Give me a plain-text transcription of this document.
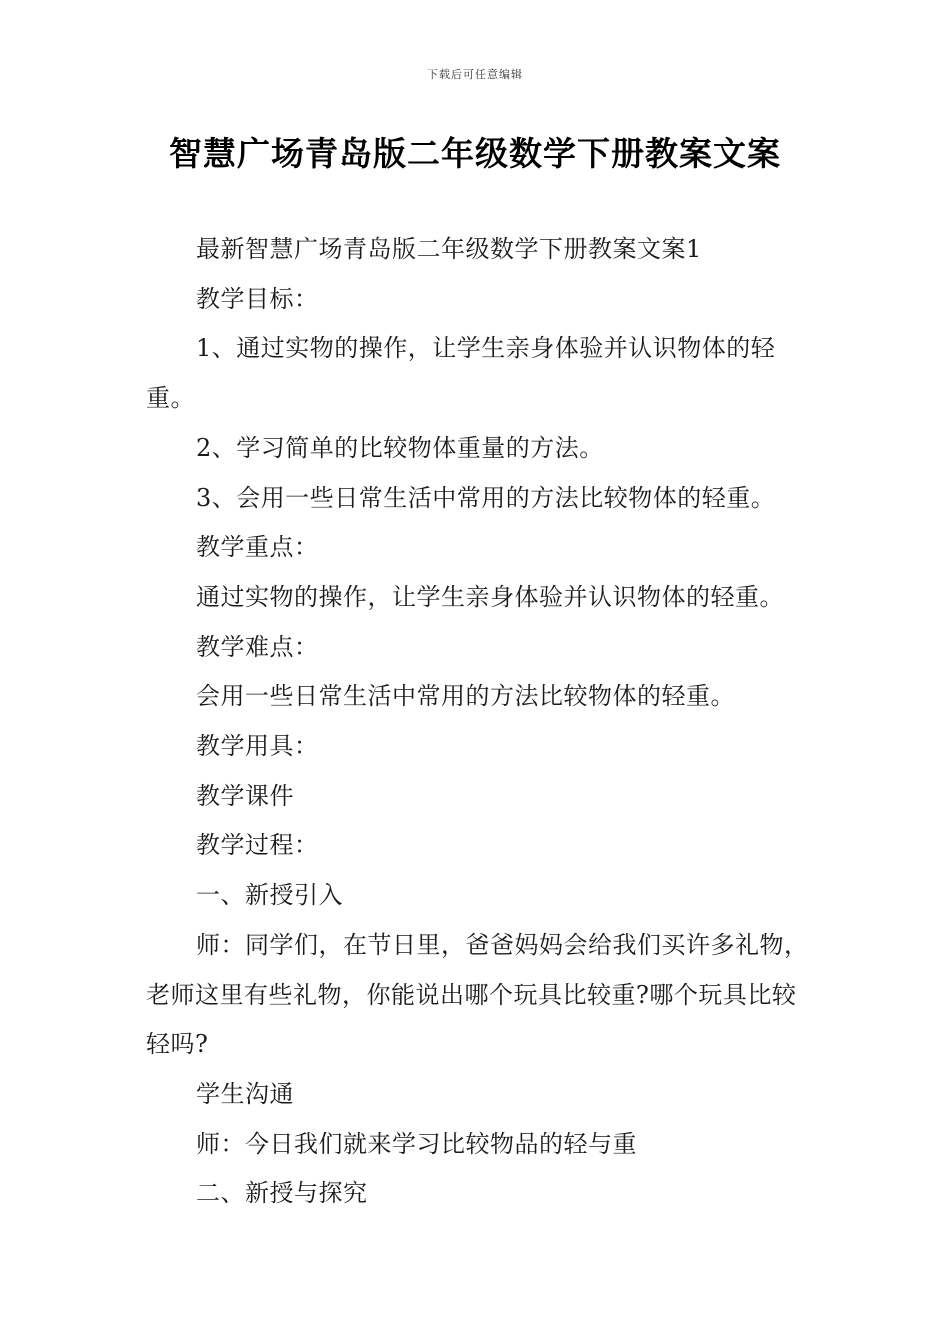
下载后可任意编辑
智慧广场青岛版二年级数学下册教案文案

最新智慧广场青岛版二年级数学下册教案文案1

教学目标：

1、通过实物的操作，让学生亲身体验并认识物体的轻重。

2、学习简单的比较物体重量的方法。

3、会用一些日常生活中常用的方法比较物体的轻重。

教学重点：

通过实物的操作，让学生亲身体验并认识物体的轻重。

教学难点：

会用一些日常生活中常用的方法比较物体的轻重。

教学用具：

教学课件

教学过程：

一、新授引入

师：同学们，在节日里，爸爸妈妈会给我们买许多礼物，老师这里有些礼物，你能说出哪个玩具比较重?哪个玩具比较轻吗?

学生沟通

师：今日我们就来学习比较物品的轻与重

二、新授与探究
